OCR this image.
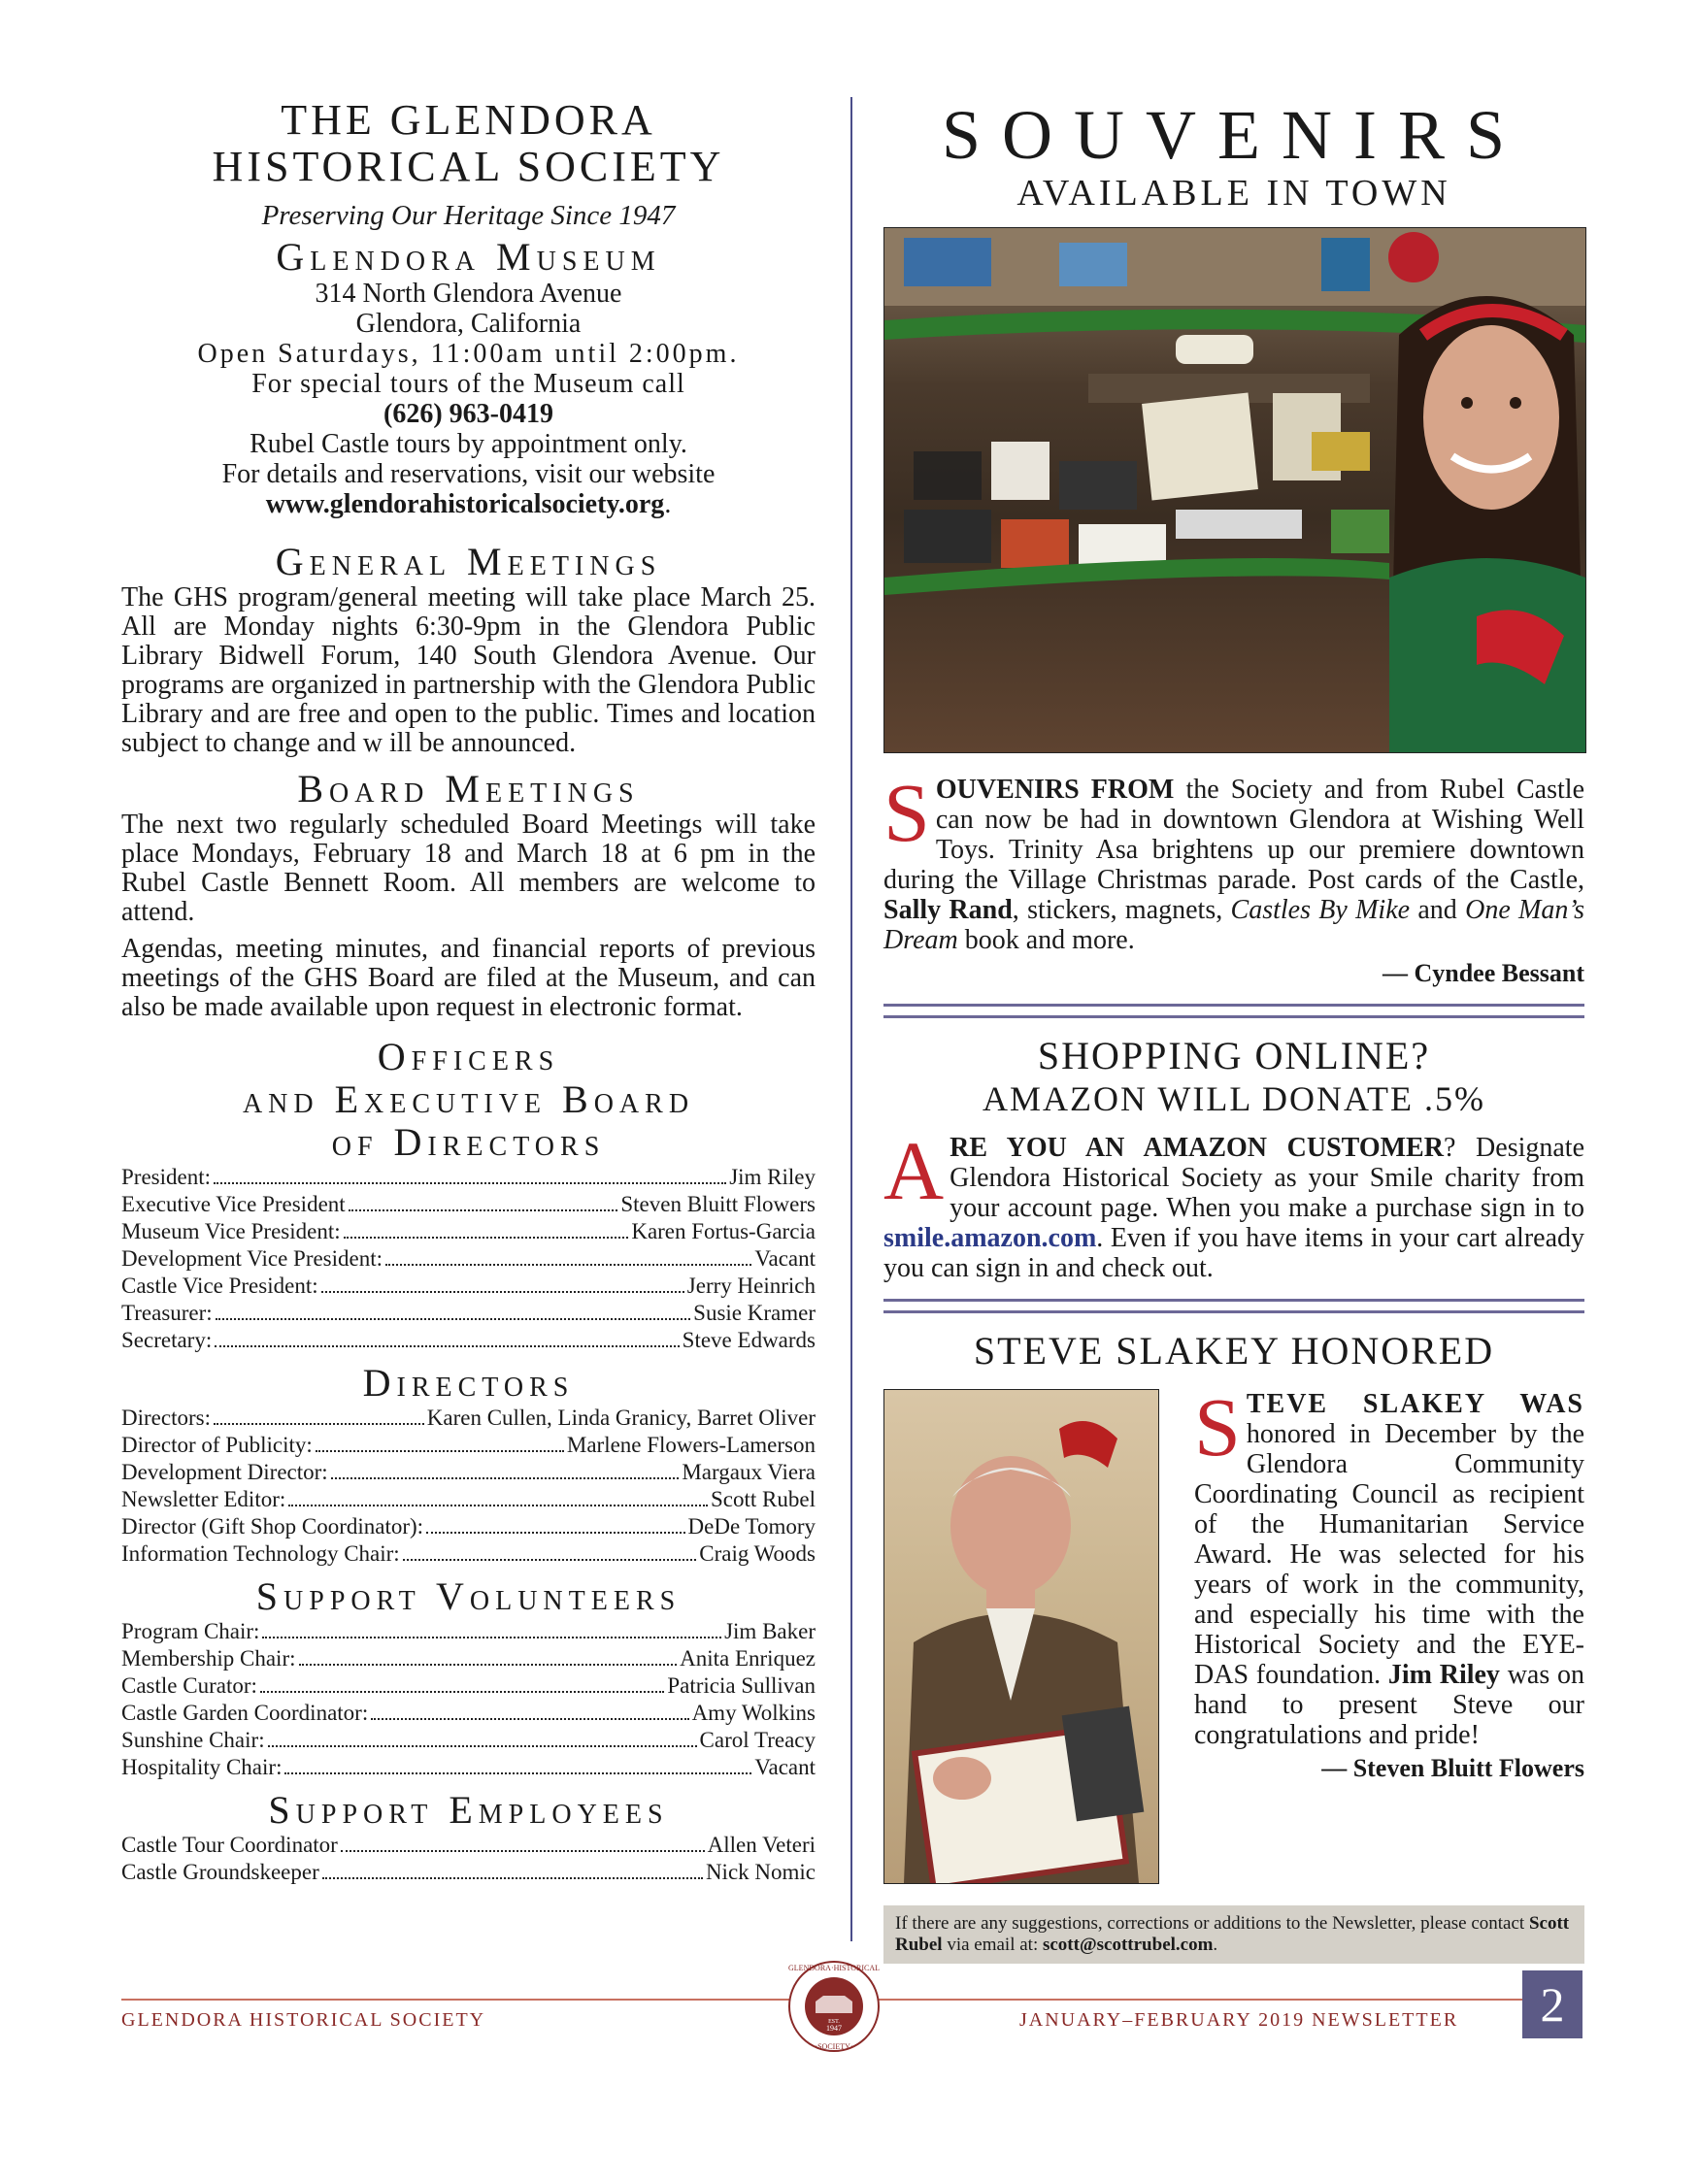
THE GLENDORA
HISTORICAL SOCIETY
Preserving Our Heritage Since 1947
Glendora Museum
314 North Glendora Avenue
Glendora, California
Open Saturdays, 11:00am until 2:00pm.
For special tours of the Museum call
(626) 963-0419
Rubel Castle tours by appointment only.
For details and reservations, visit our website
www.glendorahistoricalsociety.org.
General Meetings

The GHS program/general meeting will take place March 25. All are Monday nights 6:30-9pm in the Glendora Public Library Bidwell Forum, 140 South Glendora Avenue. Our programs are organized in partnership with the Glendora Public Library and are free and open to the public. Times and location subject to change and w ill be announced.

Board Meetings

The next two regularly scheduled Board Meetings will take place Mondays, February 18 and March 18 at 6 pm in the Rubel Castle Bennett Room. All members are welcome to attend.

Agendas, meeting minutes, and financial reports of previous meetings of the GHS Board are filed at the Museum, and can also be made available upon request in electronic format.

Officers
and Executive Board
of Directors
President:	Jim Riley
Executive Vice President	Steven Bluitt Flowers
Museum Vice President:	Karen Fortus-Garcia
Development Vice President:	Vacant
Castle Vice President:	Jerry Heinrich
Treasurer:	Susie Kramer
Secretary:	Steve Edwards
Directors
Directors:	Karen Cullen, Linda Granicy, Barret Oliver
Director of Publicity:	Marlene Flowers-Lamerson
Development Director:	Margaux Viera
Newsletter Editor:	Scott Rubel
Director (Gift Shop Coordinator):	DeDe Tomory
Information Technology Chair:	Craig Woods
Support Volunteers
Program Chair:	Jim Baker
Membership Chair:	Anita Enriquez
Castle Curator:	Patricia Sullivan
Castle Garden Coordinator:	Amy Wolkins
Sunshine Chair:	Carol Treacy
Hospitality Chair:	Vacant
Support Employees
Castle Tour Coordinator	Allen Veteri
Castle Groundskeeper	Nick Nomic
SOUVENIRS
AVAILABLE IN TOWN

SOUVENIRS FROM the Society and from Rubel Castle can now be had in downtown Glendora at Wishing Well Toys. Trinity Asa brightens up our premiere downtown during the Village Christmas parade. Post cards of the Castle, Sally Rand, stickers, magnets, Castles By Mike and One Man’s Dream book and more.

— Cyndee Bessant
SHOPPING ONLINE?
AMAZON WILL DONATE .5%

ARE YOU AN AMAZON CUSTOMER? Designate Glendora Historical Society as your Smile charity from your account page. When you make a purchase sign in to smile.amazon.com. Even if you have items in your cart already you can sign in and check out.

STEVE SLAKEY HONORED

STEVE SLAKEY WAS honored in December by the Glendora Community Coordinating Council as recipient of the Humanitarian Service Award. He was selected for his years of work in the community, and especially his time with the Historical Society and the EYE-DAS foundation. Jim Riley was on hand to present Steve our congratulations and pride!

— Steven Bluitt Flowers
If there are any suggestions, corrections or additions to the Newsletter, please contact Scott Rubel via email at: scott@scottrubel.com.
GLENDORA HISTORICAL SOCIETY	JANUARY–FEBRUARY 2019 NEWSLETTER	2
GLENDORA·HISTORICAL
·SOCIETY·
EST.
1947
